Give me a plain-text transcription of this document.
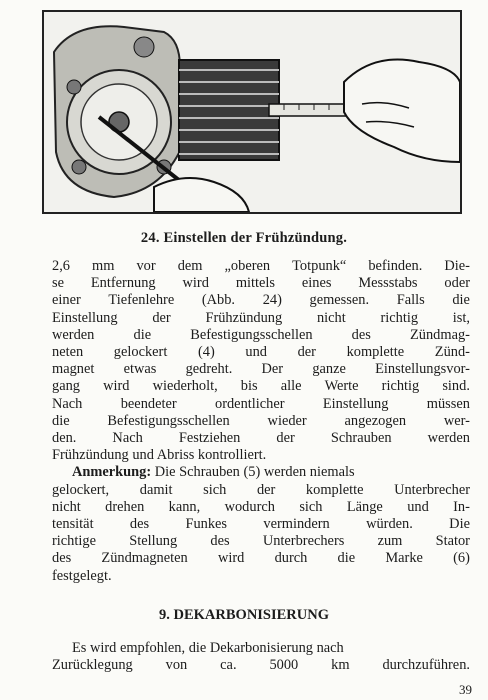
24. Einstellen der Frühzündung.
2,6 mm vor dem „oberen Totpunk“ befinden. Die-
se Entfernung wird mittels eines Messstabs oder
einer Tiefenlehre (Abb. 24) gemessen. Falls die
Einstellung der Frühzündung nicht richtig ist,
werden	die	Befestigungsschellen	des	Zündmag-
neten gelockert (4) und der komplette Zünd-
magnet etwas gedreht. Der ganze Einstellungsvor-
gang wird wiederholt, bis alle Werte richtig sind.
Nach	beendeter	ordentlicher	Einstellung	müssen
die	Befestigungsschellen	wieder	angezogen	wer-
den.	Nach	Festziehen	der	Schrauben	werden
Frühzündung und Abriss kontrolliert.
Anmerkung: Die Schrauben (5) werden niemals
gelockert, damit sich der komplette Unterbrecher
nicht drehen kann, wodurch sich Länge und In-
tensität	des	Funkes	vermindern	würden.	Die
richtige Stellung des Unterbrechers zum Stator
des Zündmagneten wird durch die Marke (6)
festgelegt.
9. DEKARBONISIERUNG
Es wird empfohlen, die Dekarbonisierung nach
Zurücklegung von ca. 5000 km durchzuführen.
39
